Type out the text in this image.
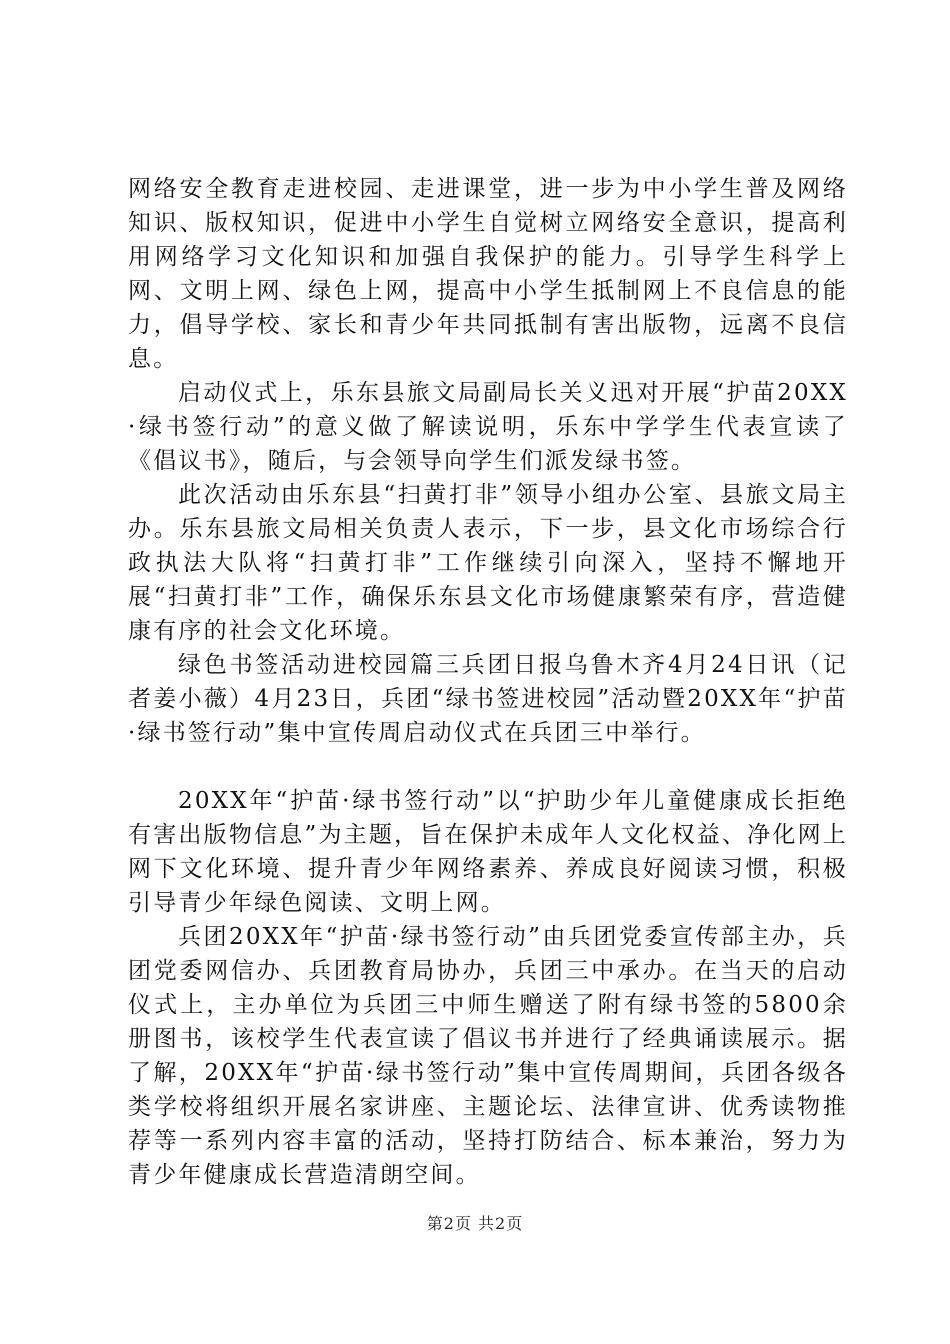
网络安全教育走进校园、走进课堂，进一步为中小学生普及网络知识、版权知识，促进中小学生自觉树立网络安全意识，提高利用网络学习文化知识和加强自我保护的能力。引导学生科学上网、文明上网、绿色上网，提高中小学生抵制网上不良信息的能力，倡导学校、家长和青少年共同抵制有害出版物，远离不良信息。

启动仪式上，乐东县旅文局副局长关义迅对开展“护苗20XX·绿书签行动”的意义做了解读说明，乐东中学学生代表宣读了《倡议书》，随后，与会领导向学生们派发绿书签。

此次活动由乐东县“扫黄打非”领导小组办公室、县旅文局主办。乐东县旅文局相关负责人表示，下一步，县文化市场综合行政执法大队将“扫黄打非”工作继续引向深入，坚持不懈地开展“扫黄打非”工作，确保乐东县文化市场健康繁荣有序，营造健康有序的社会文化环境。

绿色书签活动进校园篇三兵团日报乌鲁木齐4月24日讯（记者姜小薇）4月23日，兵团“绿书签进校园”活动暨20XX年“护苗·绿书签行动”集中宣传周启动仪式在兵团三中举行。

20XX年“护苗·绿书签行动”以“护助少年儿童健康成长拒绝有害出版物信息”为主题，旨在保护未成年人文化权益、净化网上网下文化环境、提升青少年网络素养、养成良好阅读习惯，积极引导青少年绿色阅读、文明上网。

兵团20XX年“护苗·绿书签行动”由兵团党委宣传部主办，兵团党委网信办、兵团教育局协办，兵团三中承办。在当天的启动仪式上，主办单位为兵团三中师生赠送了附有绿书签的5800余册图书，该校学生代表宣读了倡议书并进行了经典诵读展示。据了解，20XX年“护苗·绿书签行动”集中宣传周期间，兵团各级各类学校将组织开展名家讲座、主题论坛、法律宣讲、优秀读物推荐等一系列内容丰富的活动，坚持打防结合、标本兼治，努力为青少年健康成长营造清朗空间。

第2页 共2页
